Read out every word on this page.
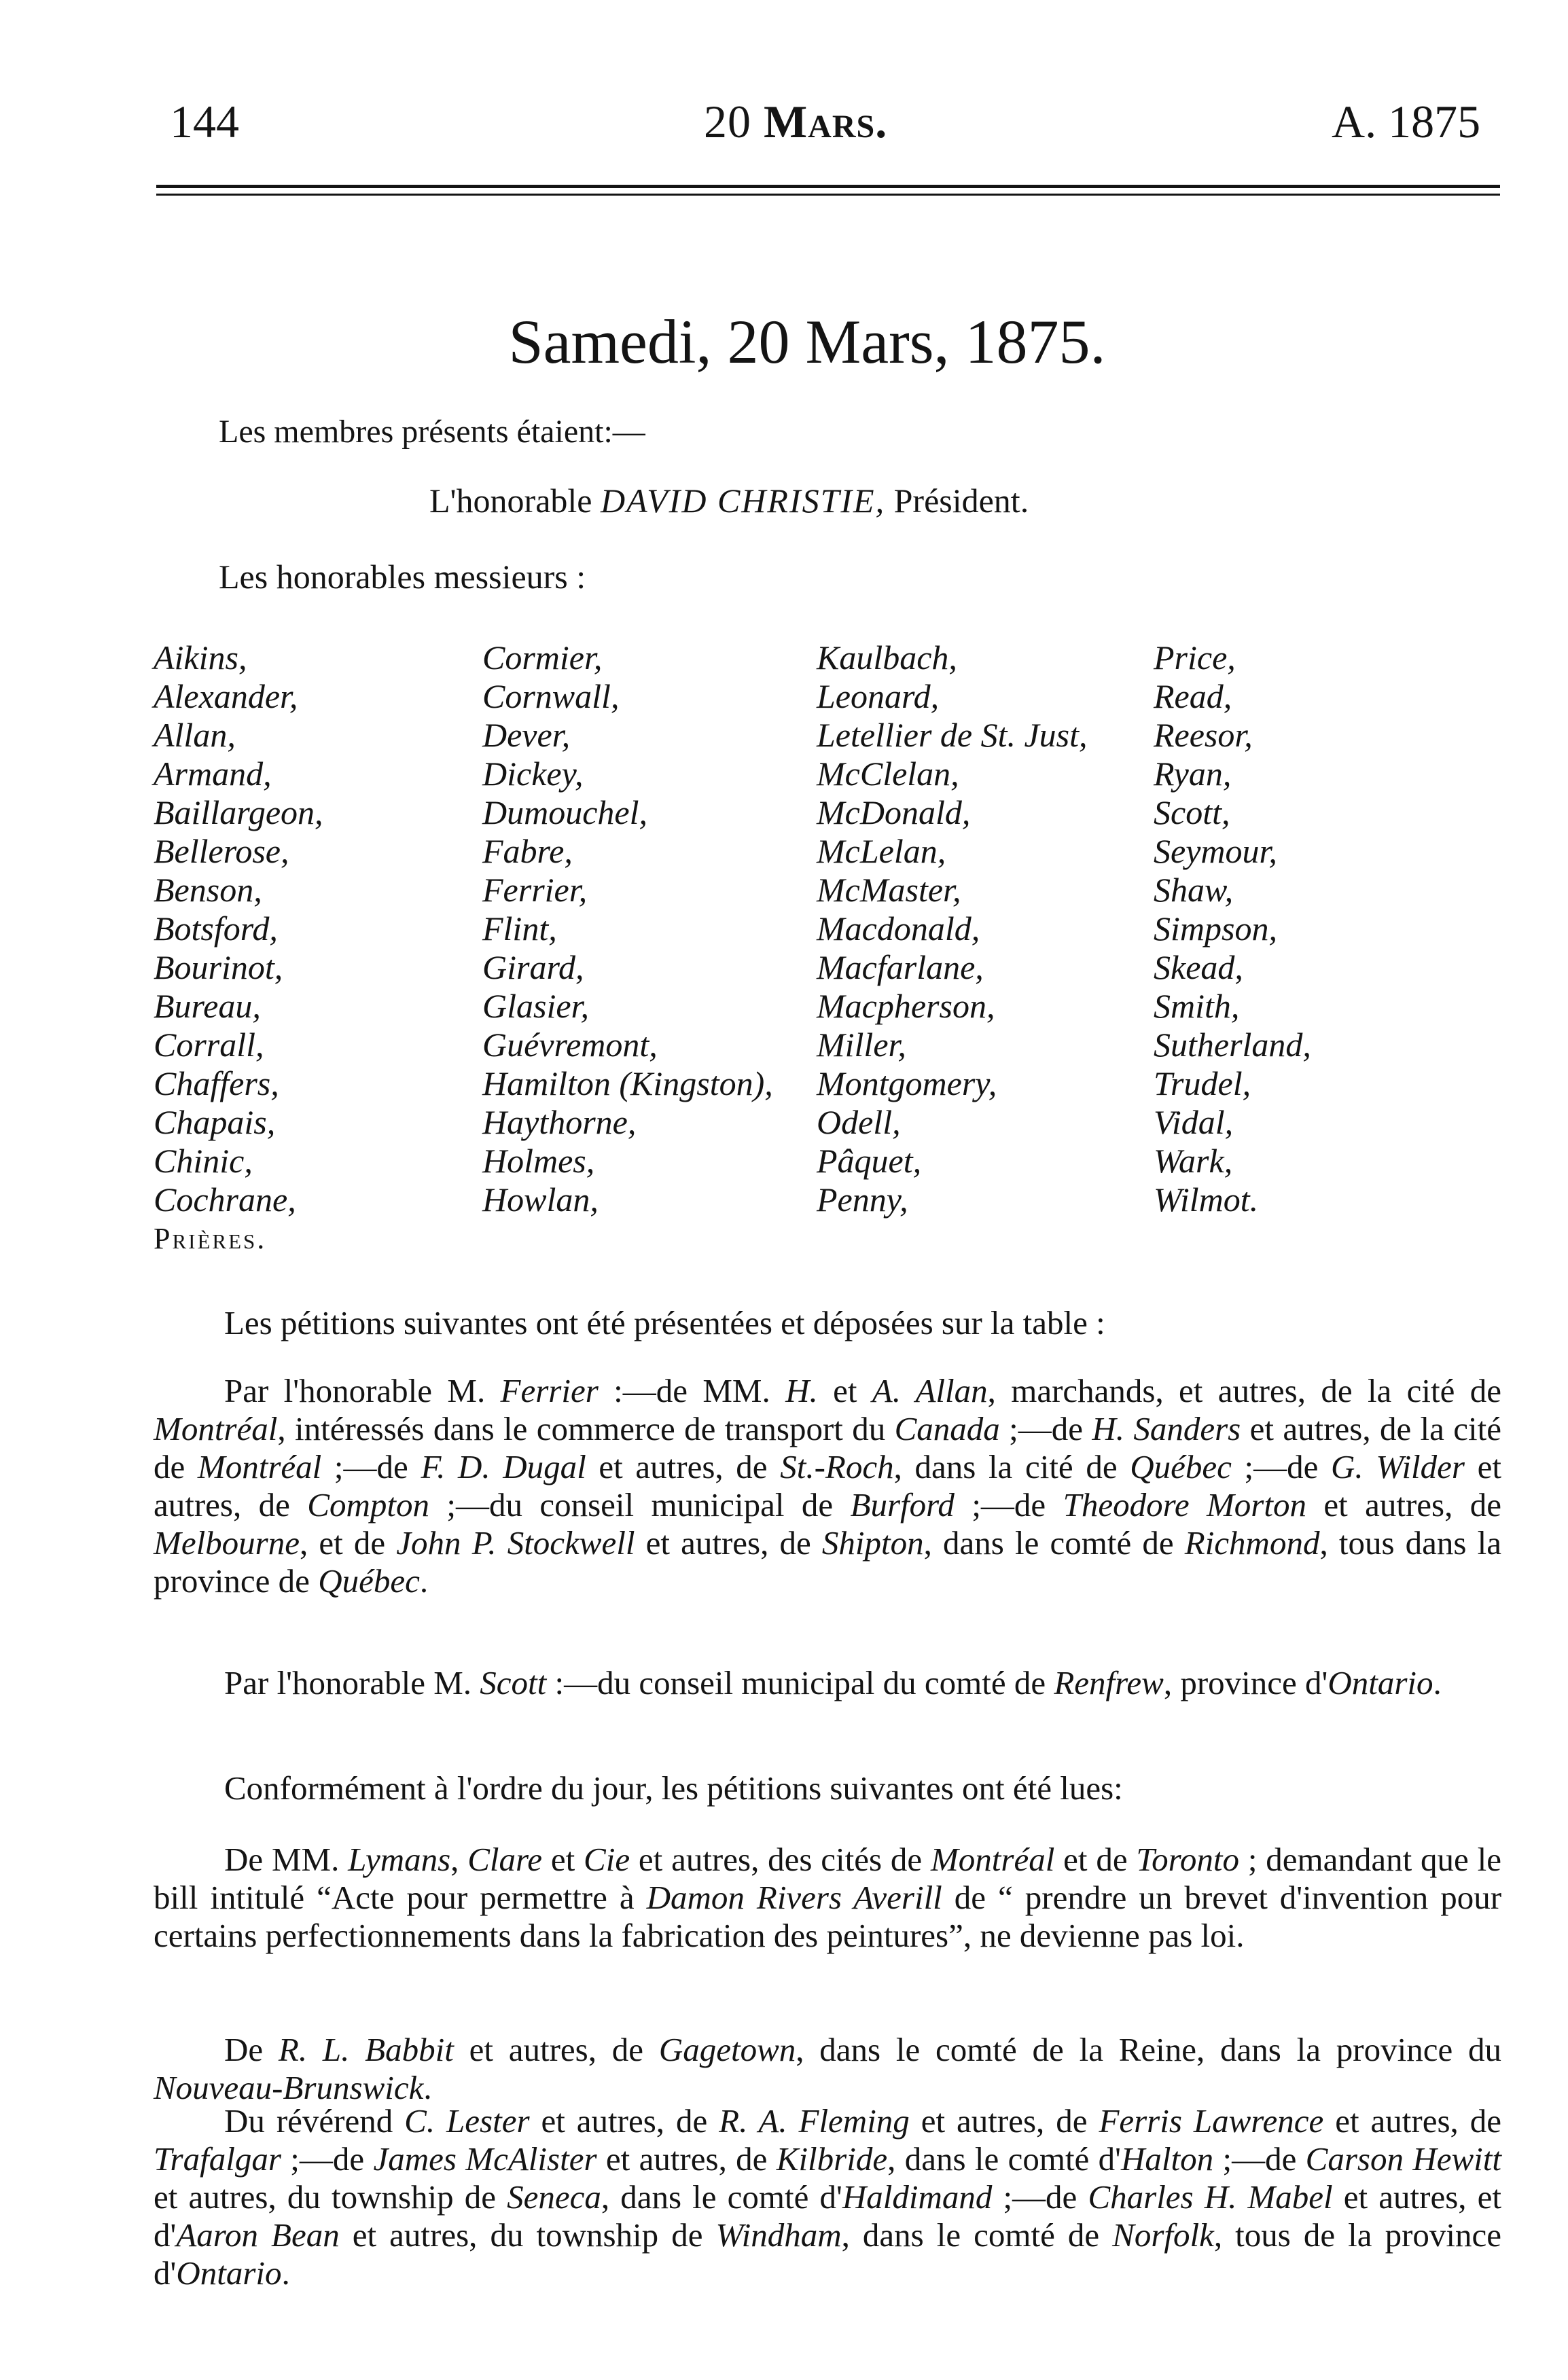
144	20 Mars.	A. 1875
Samedi, 20 Mars, 1875.
Les membres présents étaient:—
L'honorable DAVID CHRISTIE, Président.
Les honorables messieurs :
Aikins,
Alexander,
Allan,
Armand,
Baillargeon,
Bellerose,
Benson,
Botsford,
Bourinot,
Bureau,
Corrall,
Chaffers,
Chapais,
Chinic,
Cochrane,
Cormier,
Cornwall,
Dever,
Dickey,
Dumouchel,
Fabre,
Ferrier,
Flint,
Girard,
Glasier,
Guévremont,
Hamilton (Kingston),
Haythorne,
Holmes,
Howlan,
Kaulbach,
Leonard,
Letellier de St. Just,
McClelan,
McDonald,
McLelan,
McMaster,
Macdonald,
Macfarlane,
Macpherson,
Miller,
Montgomery,
Odell,
Pâquet,
Penny,
Price,
Read,
Reesor,
Ryan,
Scott,
Seymour,
Shaw,
Simpson,
Skead,
Smith,
Sutherland,
Trudel,
Vidal,
Wark,
Wilmot.
Prières.

Les pétitions suivantes ont été présentées et déposées sur la table :

Par l'honorable M. Ferrier :—de MM. H. et A. Allan, marchands, et autres, de la cité de Montréal, intéressés dans le commerce de transport du Canada ;—de H. Sanders et autres, de la cité de Montréal ;—de F. D. Dugal et autres, de St.-Roch, dans la cité de Québec ;—de G. Wilder et autres, de Compton ;—du conseil municipal de Burford ;—de Theodore Morton et autres, de Melbourne, et de John P. Stockwell et autres, de Shipton, dans le comté de Richmond, tous dans la province de Québec.

Par l'honorable M. Scott :—du conseil municipal du comté de Renfrew, province d'Ontario.

Conformément à l'ordre du jour, les pétitions suivantes ont été lues:

De MM. Lymans, Clare et Cie et autres, des cités de Montréal et de Toronto ; demandant que le bill intitulé “Acte pour permettre à Damon Rivers Averill de “ prendre un brevet d'invention pour certains perfectionnements dans la fabrication des peintures”, ne devienne pas loi.

De R. L. Babbit et autres, de Gagetown, dans le comté de la Reine, dans la province du Nouveau-Brunswick.

Du révérend C. Lester et autres, de R. A. Fleming et autres, de Ferris Lawrence et autres, de Trafalgar ;—de James McAlister et autres, de Kilbride, dans le comté d'Halton ;—de Carson Hewitt et autres, du township de Seneca, dans le comté d'Haldimand ;—de Charles H. Mabel et autres, et d'Aaron Bean et autres, du township de Windham, dans le comté de Norfolk, tous de la province d'Ontario.
